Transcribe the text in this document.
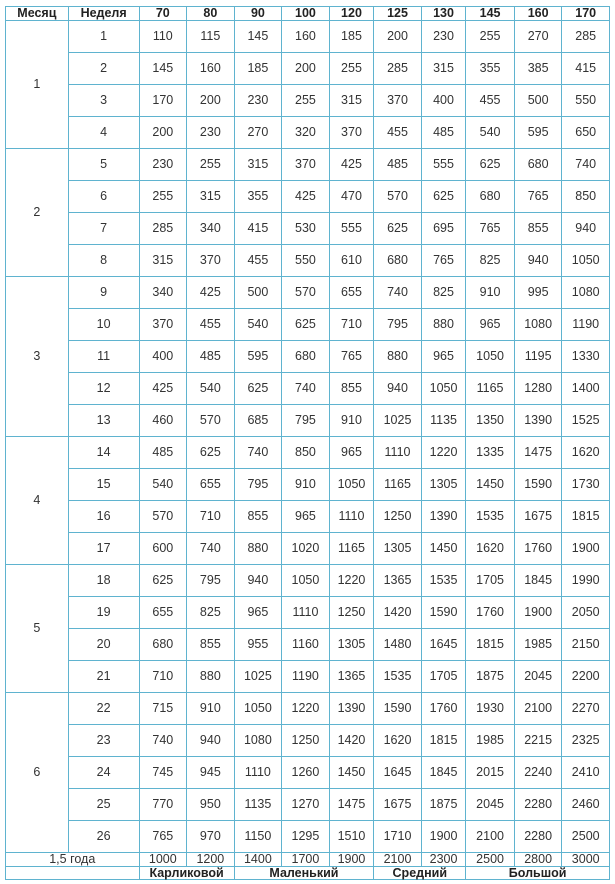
Месяц	Неделя	70	80	90	100	120	125	130	145	160	170
1	1	110	115	145	160	185	200	230	255	270	285
	2	145	160	185	200	255	285	315	355	385	415
	3	170	200	230	255	315	370	400	455	500	550
	4	200	230	270	320	370	455	485	540	595	650
2	5	230	255	315	370	425	485	555	625	680	740
	6	255	315	355	425	470	570	625	680	765	850
	7	285	340	415	530	555	625	695	765	855	940
	8	315	370	455	550	610	680	765	825	940	1050
3	9	340	425	500	570	655	740	825	910	995	1080
	10	370	455	540	625	710	795	880	965	1080	1190
	11	400	485	595	680	765	880	965	1050	1195	1330
	12	425	540	625	740	855	940	1050	1165	1280	1400
	13	460	570	685	795	910	1025	1135	1350	1390	1525
4	14	485	625	740	850	965	1110	1220	1335	1475	1620
	15	540	655	795	910	1050	1165	1305	1450	1590	1730
	16	570	710	855	965	1110	1250	1390	1535	1675	1815
	17	600	740	880	1020	1165	1305	1450	1620	1760	1900
5	18	625	795	940	1050	1220	1365	1535	1705	1845	1990
	19	655	825	965	1110	1250	1420	1590	1760	1900	2050
	20	680	855	955	1160	1305	1480	1645	1815	1985	2150
	21	710	880	1025	1190	1365	1535	1705	1875	2045	2200
6	22	715	910	1050	1220	1390	1590	1760	1930	2100	2270
	23	740	940	1080	1250	1420	1620	1815	1985	2215	2325
	24	745	945	1110	1260	1450	1645	1845	2015	2240	2410
	25	770	950	1135	1270	1475	1675	1875	2045	2280	2460
	26	765	970	1150	1295	1510	1710	1900	2100	2280	2500
1,5 года		1000	1200	1400	1700	1900	2100	2300	2500	2800	3000
		Карликовой		Маленький			Средний		Большой		
